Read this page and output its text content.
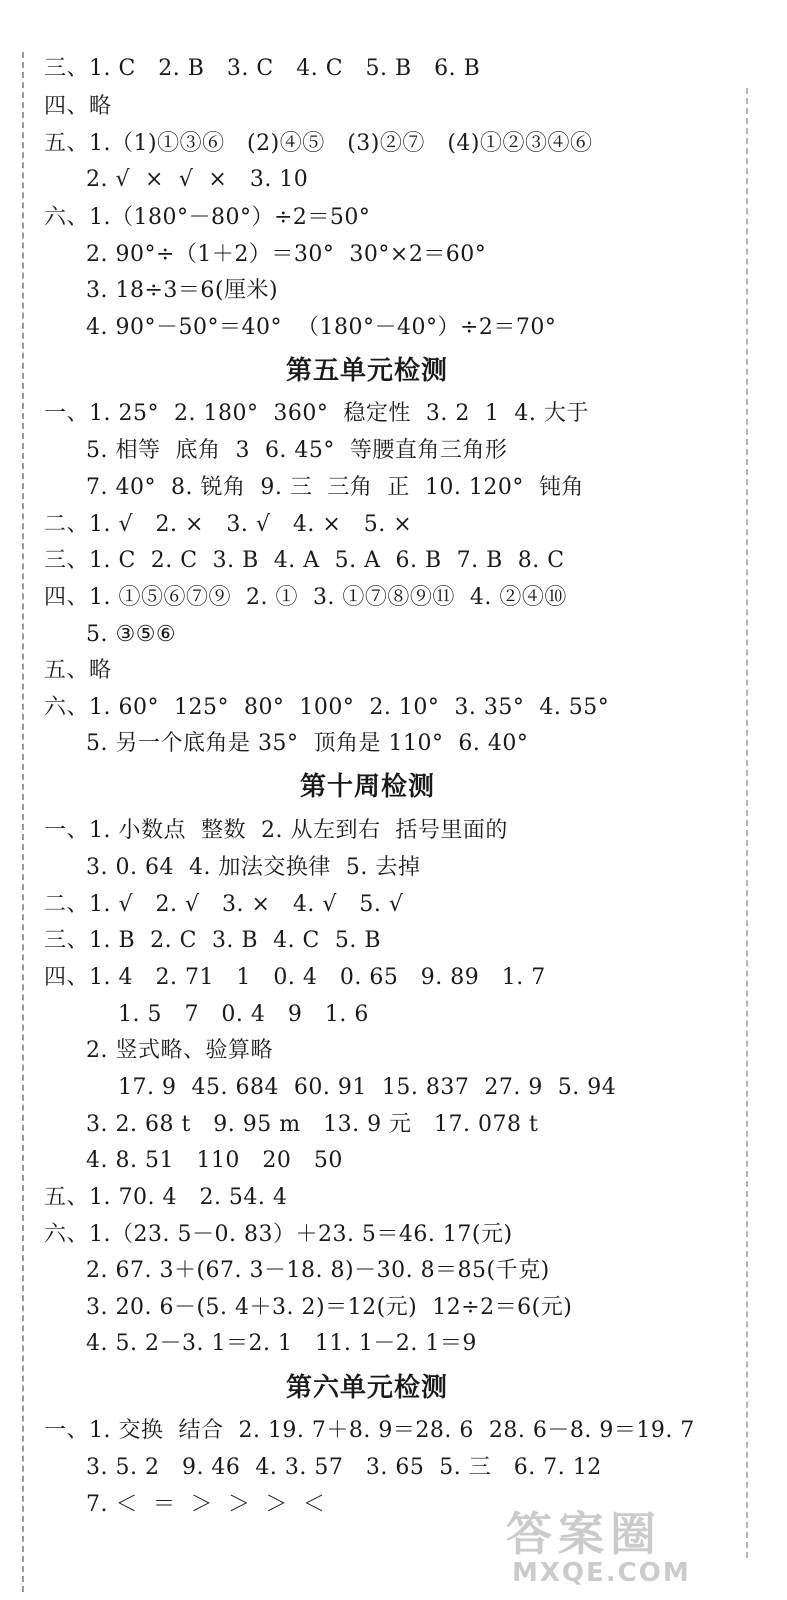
三、1. C   2. B   3. C   4. C   5. B   6. B
四、略
五、1.（1)①③⑥   (2)④⑤   (3)②⑦   (4)①②③④⑥
2. √  ×  √  ×   3. 10
六、1.（180°－80°）÷2＝50°
2. 90°÷（1＋2）＝30°  30°×2＝60°
3. 18÷3＝6(厘米)
4. 90°－50°＝40°  （180°－40°）÷2＝70°
第五单元检测
一、1. 25°  2. 180°  360°  稳定性  3. 2  1  4. 大于
5. 相等  底角  3  6. 45°  等腰直角三角形
7. 40°  8. 锐角  9. 三  三角  正  10. 120°  钝角
二、1. √   2. ×   3. √   4. ×   5. ×
三、1. C  2. C  3. B  4. A  5. A  6. B  7. B  8. C
四、1. ①⑤⑥⑦⑨  2. ①  3. ①⑦⑧⑨⑪  4. ②④⑩
5. ③⑤⑥
五、略
六、1. 60°  125°  80°  100°  2. 10°  3. 35°  4. 55°
5. 另一个底角是 35°  顶角是 110°  6. 40°
第十周检测
一、1. 小数点  整数  2. 从左到右  括号里面的
3. 0. 64  4. 加法交换律  5. 去掉
二、1. √   2. √   3. ×   4. √   5. √
三、1. B  2. C  3. B  4. C  5. B
四、1. 4   2. 71   1   0. 4   0. 65   9. 89   1. 7
1. 5   7   0. 4   9   1. 6
2. 竖式略、验算略
17. 9  45. 684  60. 91  15. 837  27. 9  5. 94
3. 2. 68 t   9. 95 m   13. 9 元   17. 078 t
4. 8. 51   110   20   50
五、1. 70. 4   2. 54. 4
六、1.（23. 5－0. 83）＋23. 5＝46. 17(元)
2. 67. 3＋(67. 3－18. 8)－30. 8＝85(千克)
3. 20. 6－(5. 4＋3. 2)＝12(元)  12÷2＝6(元)
4. 5. 2－3. 1＝2. 1   11. 1－2. 1＝9
第六单元检测
一、1. 交换  结合  2. 19. 7＋8. 9＝28. 6  28. 6－8. 9＝19. 7
3. 5. 2   9. 46  4. 3. 57   3. 65  5. 三   6. 7. 12
7. ＜  ＝  ＞  ＞  ＞  ＜
答案圈
MXQE.COM
